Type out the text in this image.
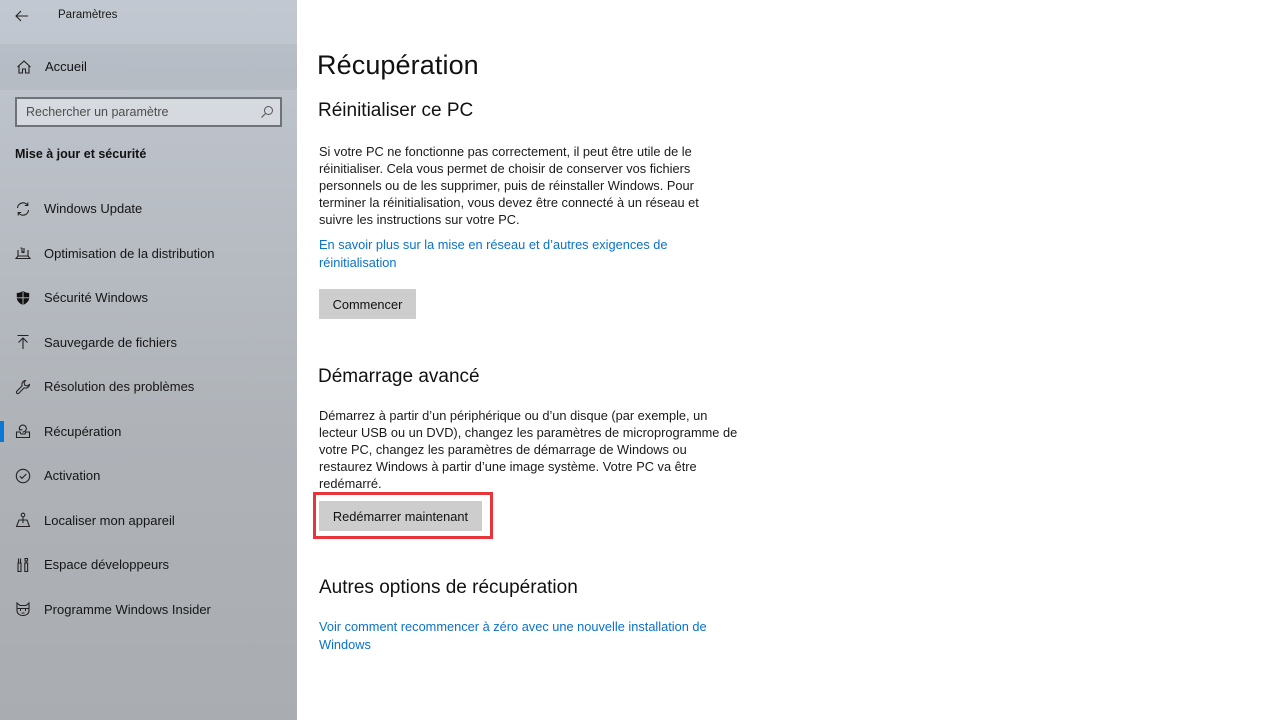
Paramètres
Accueil
Rechercher un paramètre
Mise à jour et sécurité
Windows Update
Optimisation de la distribution
Sécurité Windows
Sauvegarde de fichiers
Résolution des problèmes
Récupération
Activation
Localiser mon appareil
Espace développeurs
Programme Windows Insider
Récupération
Réinitialiser ce PC

Si votre PC ne fonctionne pas correctement, il peut être utile de le réinitialiser. Cela vous permet de choisir de conserver vos fichiers personnels ou de les supprimer, puis de réinstaller Windows. Pour terminer la réinitialisation, vous devez être connecté à un réseau et suivre les instructions sur votre PC.

En savoir plus sur la mise en réseau et d’autres exigences de réinitialisation
Commencer
Démarrage avancé

Démarrez à partir d’un périphérique ou d’un disque (par exemple, un lecteur USB ou un DVD), changez les paramètres de microprogramme de votre PC, changez les paramètres de démarrage de Windows ou restaurez Windows à partir d’une image système. Votre PC va être redémarré.

Redémarrer maintenant
Autres options de récupération
Voir comment recommencer à zéro avec une nouvelle installation de Windows
